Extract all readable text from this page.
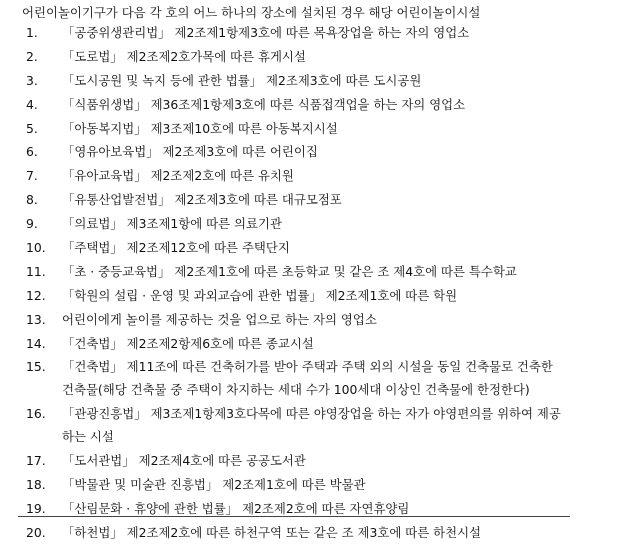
어린이놀이기구가 다음 각 호의 어느 하나의 장소에 설치된 경우 해당 어린이놀이시설
1.	「공중위생관리법」 제2조제1항제3호에 따른 목욕장업을 하는 자의 영업소
2.	「도로법」 제2조제2호가목에 따른 휴게시설
3.	「도시공원 및 녹지 등에 관한 법률」 제2조제3호에 따른 도시공원
4.	「식품위생법」 제36조제1항제3호에 따른 식품접객업을 하는 자의 영업소
5.	「아동복지법」 제3조제10호에 따른 아동복지시설
6.	「영유아보육법」 제2조제3호에 따른 어린이집
7.	「유아교육법」 제2조제2호에 따른 유치원
8.	「유통산업발전법」 제2조제3호에 따른 대규모점포
9.	「의료법」 제3조제1항에 따른 의료기관
10.	「주택법」 제2조제12호에 따른 주택단지
11.	「초 · 중등교육법」 제2조제1호에 따른 초등학교 및 같은 조 제4호에 따른 특수학교
12.	「학원의 설립 · 운영 및 과외교습에 관한 법률」 제2조제1호에 따른 학원
13.	어린이에게 놀이를 제공하는 것을 업으로 하는 자의 영업소
14.	「건축법」 제2조제2항제6호에 따른 종교시설
15.	「건축법」 제11조에 따른 건축허가를 받아 주택과 주택 외의 시설을 동일 건축물로 건축한
건축물(해당 건축물 중 주택이 차지하는 세대 수가 100세대 이상인 건축물에 한정한다)
16.	「관광진흥법」 제3조제1항제3호다목에 따른 야영장업을 하는 자가 야영편의를 위하여 제공
하는 시설
17.	「도서관법」 제2조제4호에 따른 공공도서관
18.	「박물관 및 미술관 진흥법」 제2조제1호에 따른 박물관
19.	「산림문화 · 휴양에 관한 법률」 제2조제2호에 따른 자연휴양림
20.	「하천법」 제2조제2호에 따른 하천구역 또는 같은 조 제3호에 따른 하천시설
